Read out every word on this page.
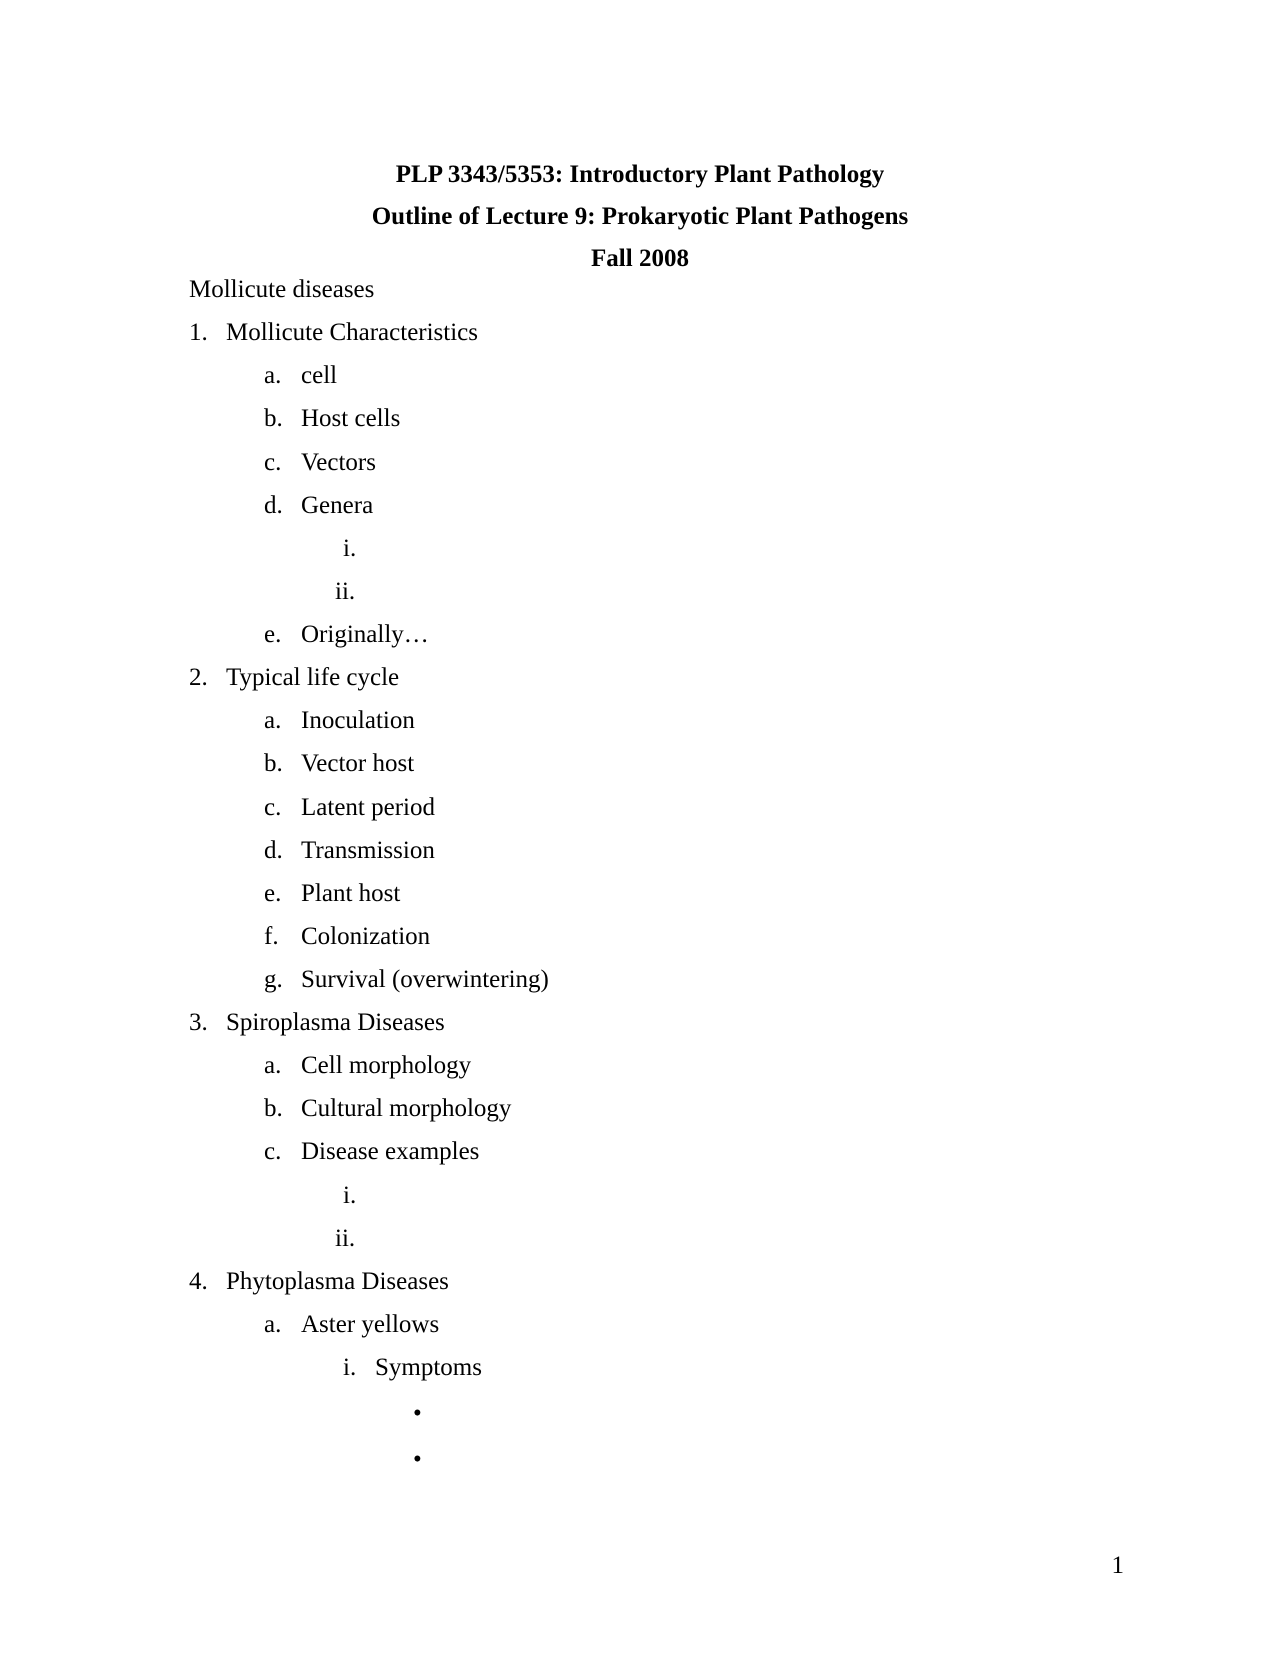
PLP 3343/5353: Introductory Plant Pathology
Outline of Lecture 9: Prokaryotic Plant Pathogens
Fall 2008
Mollicute diseases
1. Mollicute Characteristics
a. cell
b. Host cells
c. Vectors
d. Genera
i.
ii.
e. Originally…
2. Typical life cycle
a. Inoculation
b. Vector host
c. Latent period
d. Transmission
e. Plant host
f. Colonization
g. Survival (overwintering)
3. Spiroplasma Diseases
a. Cell morphology
b. Cultural morphology
c. Disease examples
i.
ii.
4. Phytoplasma Diseases
a. Aster yellows
i. Symptoms
•
•
1
